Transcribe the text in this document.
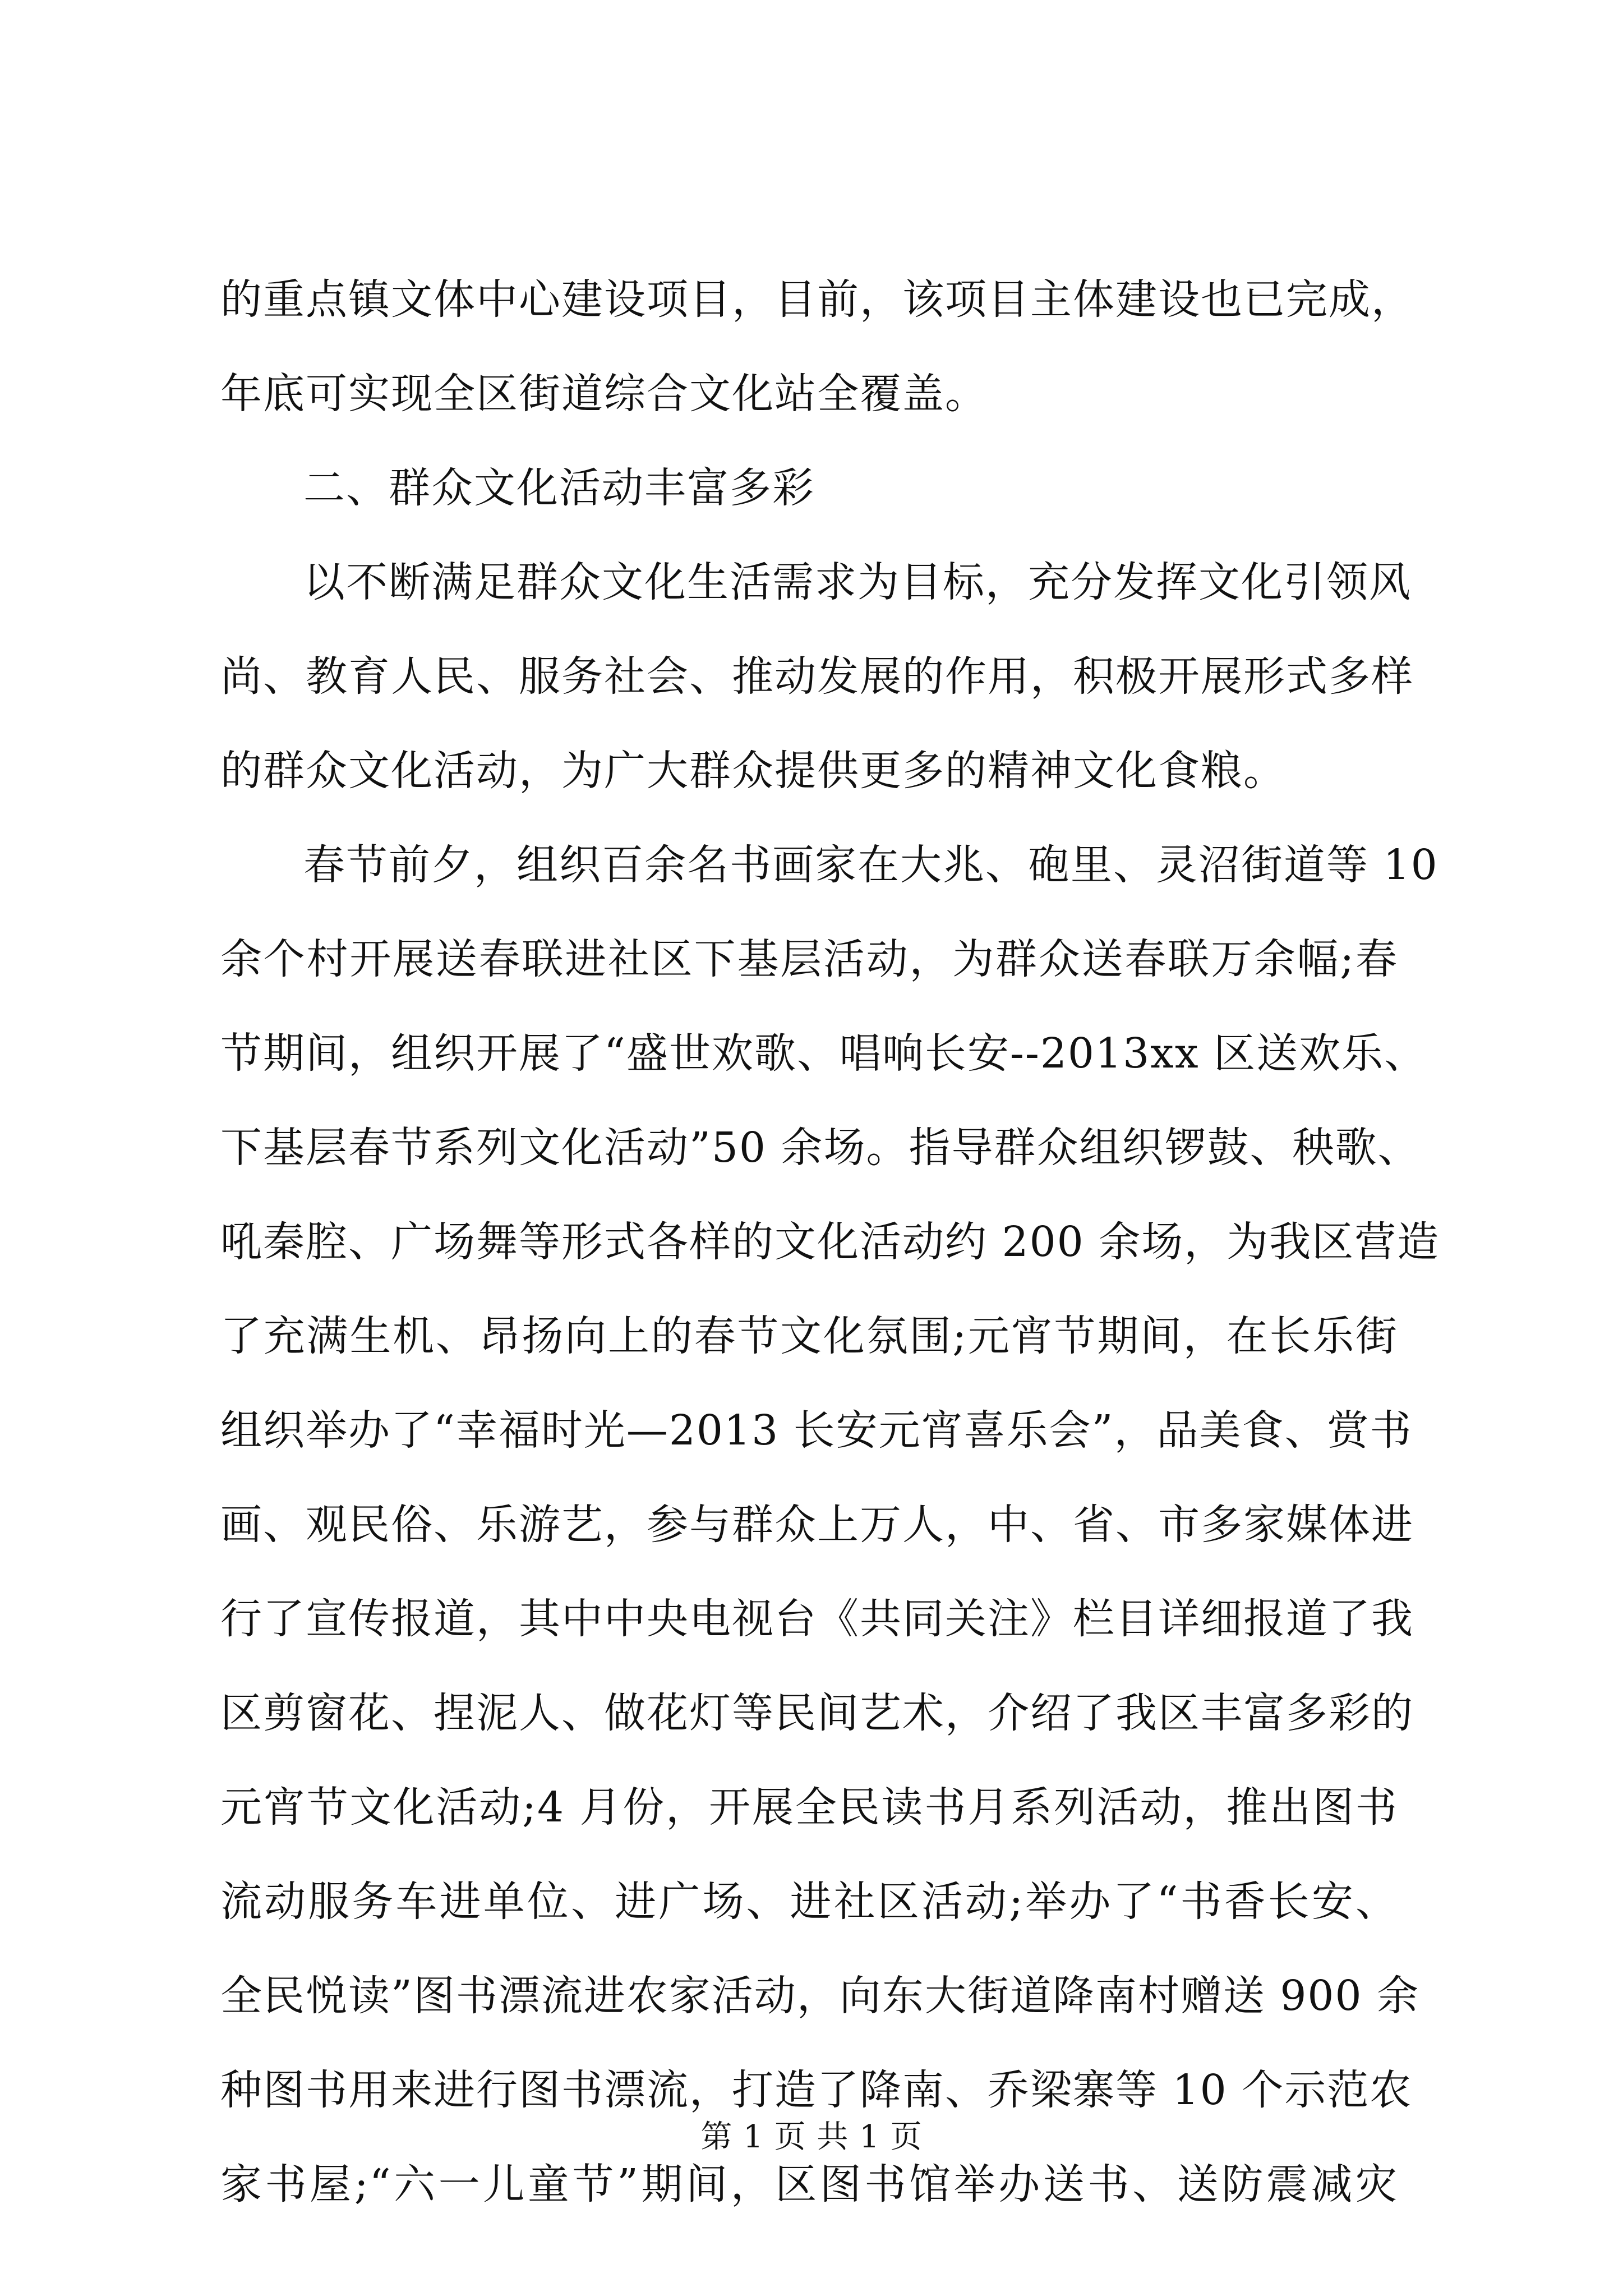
的重点镇文体中心建设项目，目前，该项目主体建设也已完成，
年底可实现全区街道综合文化站全覆盖。
二、群众文化活动丰富多彩
以不断满足群众文化生活需求为目标，充分发挥文化引领风
尚、教育人民、服务社会、推动发展的作用，积极开展形式多样
的群众文化活动，为广大群众提供更多的精神文化食粮。
春节前夕，组织百余名书画家在大兆、砲里、灵沼街道等 10
余个村开展送春联进社区下基层活动，为群众送春联万余幅;春
节期间，组织开展了“盛世欢歌、唱响长安--2013xx 区送欢乐、
下基层春节系列文化活动”50 余场。指导群众组织锣鼓、秧歌、
吼秦腔、广场舞等形式各样的文化活动约 200 余场，为我区营造
了充满生机、昂扬向上的春节文化氛围;元宵节期间，在长乐街
组织举办了“幸福时光—2013 长安元宵喜乐会”，品美食、赏书
画、观民俗、乐游艺，参与群众上万人，中、省、市多家媒体进
行了宣传报道，其中中央电视台《共同关注》栏目详细报道了我
区剪窗花、捏泥人、做花灯等民间艺术，介绍了我区丰富多彩的
元宵节文化活动;4 月份，开展全民读书月系列活动，推出图书
流动服务车进单位、进广场、进社区活动;举办了“书香长安、
全民悦读”图书漂流进农家活动，向东大街道降南村赠送 900 余
种图书用来进行图书漂流，打造了降南、乔梁寨等 10 个示范农
家书屋;“六一儿童节”期间，区图书馆举办送书、送防震减灾
第 1 页 共 1 页
